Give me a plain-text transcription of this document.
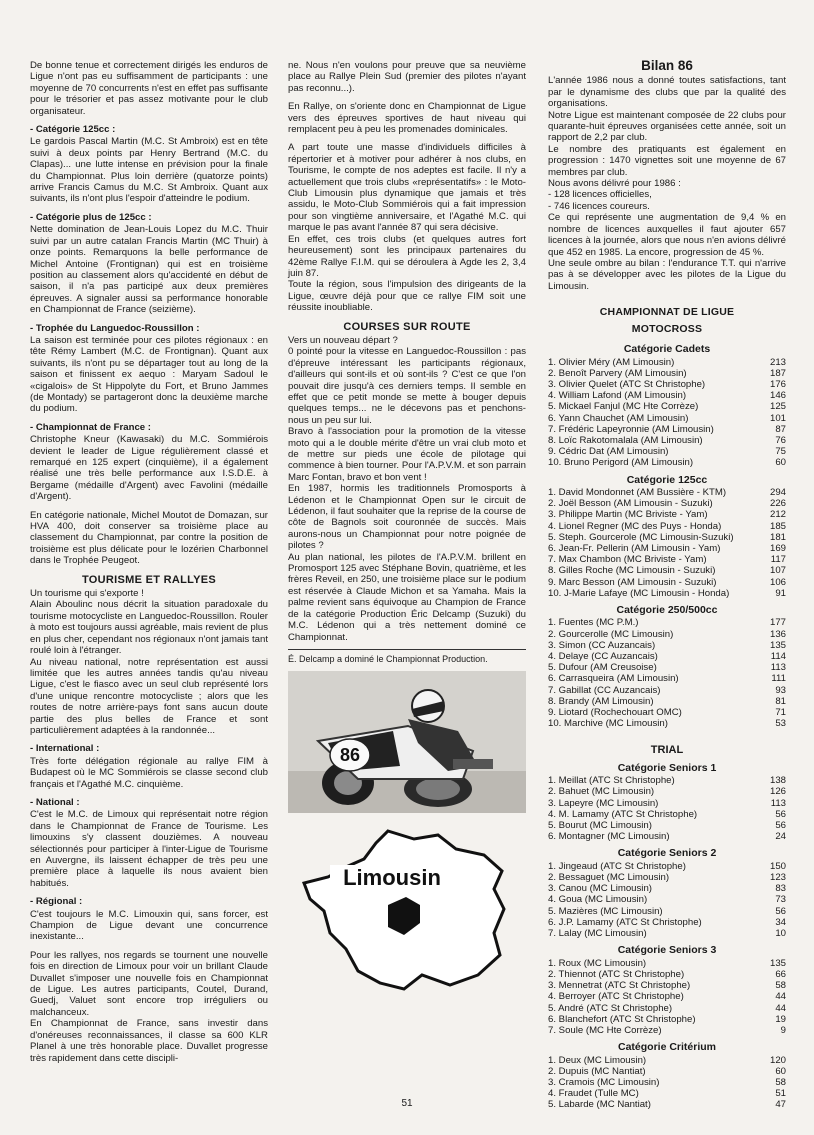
De bonne tenue et correctement dirigés les enduros de Ligue n'ont pas eu suffisamment de participants : une moyenne de 70 concurrents n'est en effet pas suffisante pour le trésorier et pas assez motivante pour le club organisateur.

- Catégorie 125cc :

Le gardois Pascal Martin (M.C. St Ambroix) est en tête suivi à deux points par Henry Bertrand (M.C. du Clapas)... une lutte intense en prévision pour la finale du Championnat. Plus loin derrière (quatorze points) arrive Francis Camus du M.C. St Ambroix. Quant aux suivants, ils n'ont plus l'espoir d'atteindre le podium.

- Catégorie plus de 125cc :

Nette domination de Jean-Louis Lopez du M.C. Thuir suivi par un autre catalan Francis Martin (MC Thuir) à onze points. Remarquons la belle performance de Michel Antoine (Frontignan) qui est en troisième position au classement alors qu'accidenté en début de saison, il n'a pas participé aux deux premières épreuves. A signaler aussi sa performance honorable en Championnat de France (seizième).

- Trophée du Languedoc-Roussillon :

La saison est terminée pour ces pilotes régionaux : en tête Rémy Lambert (M.C. de Frontignan). Quant aux suivants, ils n'ont pu se départager tout au long de la saison et finissent ex aequo : Maryam Sadoul le «cigalois» de St Hippolyte du Fort, et Bruno Jammes (de Montady) se partageront donc la deuxième marche du podium.

- Championnat de France :

Christophe Kneur (Kawasaki) du M.C. Sommiérois devient le leader de Ligue régulièrement classé et remarqué en 125 expert (cinquième), il a également réalisé une très belle performance aux I.S.D.E. à Bergame (médaille d'Argent) avec Favolini (médaille d'Argent).

En catégorie nationale, Michel Moutot de Domazan, sur HVA 400, doit conserver sa troisième place au classement du Championnat, par contre la position de troisième est plus délicate pour le lozérien Charbonnel dans le Trophée Peugeot.

TOURISME ET RALLYES

Un tourisme qui s'exporte !

Alain Aboulinc nous décrit la situation paradoxale du tourisme motocycliste en Languedoc-Roussillon. Rouler à moto est toujours aussi agréable, mais revient de plus en plus cher, cependant nos régionaux n'ont jamais tant roulé loin à l'étranger.

Au niveau national, notre représentation est aussi limitée que les autres années tandis qu'au niveau Ligue, c'est le fiasco avec un seul club représenté lors d'une unique rencontre motocycliste ; alors que les routes de notre arrière-pays font sans aucun doute partie des plus belles de France et sont particulièrement adaptées à la randonnée...

- International :

Très forte délégation régionale au rallye FIM à Budapest où le MC Sommiérois se classe second club français et l'Agathé M.C. cinquième.

- National :

C'est le M.C. de Limoux qui représentait notre région dans le Championnat de France de Tourisme. Les limouxins s'y classent douzièmes. A nouveau sélectionnés pour participer à l'inter-Ligue de Tourisme en Auvergne, ils laissent échapper de très peu une première place à laquelle ils nous avaient bien habitués.

- Régional :

C'est toujours le M.C. Limouxin qui, sans forcer, est Champion de Ligue devant une concurrence inexistante...

Pour les rallyes, nos regards se tournent une nouvelle fois en direction de Limoux pour voir un brillant Claude Duvallet s'imposer une nouvelle fois en Championnat de Ligue. Les autres participants, Coutel, Durand, Guedj, Valuet sont encore trop irréguliers ou malchanceux.

En Championnat de France, sans investir dans d'onéreuses reconnaissances, il classe sa 600 KLR Planel à une très honorable place. Duvallet progresse très rapidement dans cette discipli-

ne. Nous n'en voulons pour preuve que sa neuvième place au Rallye Plein Sud (premier des pilotes n'ayant pas reconnu...).

En Rallye, on s'oriente donc en Championnat de Ligue vers des épreuves sportives de haut niveau qui remplacent peu à peu les promenades dominicales.

A part toute une masse d'individuels difficiles à répertorier et à motiver pour adhérer à nos clubs, en Tourisme, le compte de nos adeptes est facile. Il n'y a actuellement que trois clubs «représentatifs» : le Moto-Club Limousin plus dynamique que jamais et très assidu, le Moto-Club Sommiérois qui a fait impression pour son vingtième anniversaire, et l'Agathé M.C. qui marque le pas avant l'année 87 qui sera décisive.

En effet, ces trois clubs (et quelques autres fort heureusement) sont les principaux partenaires du 42ème Rallye F.I.M. qui se déroulera à Agde les 2, 3,4 juin 87.

Toute la région, sous l'impulsion des dirigeants de la Ligue, œuvre déjà pour que ce rallye FIM soit une réussite inoubliable.

COURSES SUR ROUTE

Vers un nouveau départ ?

0 pointé pour la vitesse en Languedoc-Roussillon : pas d'épreuve intéressant les participants régionaux, d'ailleurs qui sont-ils et où sont-ils ? C'est ce que l'on pouvait dire jusqu'à ces derniers temps. Il semble en effet que ce petit monde se mette à bouger depuis quelques temps... ne le décevons pas et penchons-nous un peu sur lui.

Bravo à l'association pour la promotion de la vitesse moto qui a le double mérite d'être un vrai club moto et de mettre sur pieds une école de pilotage qui commence à bien tourner. Pour l'A.P.V.M. et son parrain Marc Fontan, bravo et bon vent !

En 1987, hormis les traditionnels Promosports à Lédenon et le Championnat Open sur le circuit de Lédenon, il faut souhaiter que la reprise de la course de côte de Bagnols soit couronnée de succès. Mais aurons-nous un Championnat pour notre poignée de pilotes ?

Au plan national, les pilotes de l'A.P.V.M. brillent en Promosport 125 avec Stéphane Bovin, quatrième, et les frères Reveil, en 250, une troisième place sur le podium est réservée à Claude Michon et sa Yamaha. Mais la palme revient sans équivoque au Champion de France de la catégorie Production Éric Delcamp (Suzuki) du M.C. Lédenon qui a très nettement dominé ce Championnat.

É. Delcamp a dominé le Championnat Production.
86
Limousin
Bilan 86

L'année 1986 nous a donné toutes satisfactions, tant par le dynamisme des clubs que par la qualité des organisations.

Notre Ligue est maintenant composée de 22 clubs pour quarante-huit épreuves organisées cette année, soit un rapport de 2,2 par club.

Le nombre des pratiquants est également en progression : 1470 vignettes soit une moyenne de 67 membres par club.

Nous avons délivré pour 1986 :

- 128 licences officielles,

- 746 licences coureurs.

Ce qui représente une augmentation de 9,4 % en nombre de licences auxquelles il faut ajouter 657 licences à la journée, alors que nous n'en avions délivré que 452 en 1985. La encore, progression de 45 %.

Une seule ombre au bilan : l'endurance T.T. qui n'arrive pas à se développer avec les pilotes de la Ligue du Limousin.

CHAMPIONNAT DE LIGUE
MOTOCROSS
Catégorie Cadets
1. Olivier Méry (AM Limousin)	213
2. Benoît Parvery (AM Limousin)	187
3. Olivier Quelet (ATC St Christophe)	176
4. William Lafond (AM Limousin)	146
5. Mickael Fanjul (MC Hte Corrèze)	125
6. Yann Chauchet (AM Limousin)	101
7. Frédéric Lapeyronnie (AM Limousin)	87
8. Loïc Rakotomalala (AM Limousin)	76
9. Cédric Dat (AM Limousin)	75
10. Bruno Perigord (AM Limousin)	60
Catégorie 125cc
1. David Mondonnet (AM Bussière - KTM)	294
2. Joël Besson (AM Limousin - Suzuki)	226
3. Philippe Martin (MC Briviste - Yam)	212
4. Lionel Regner (MC des Puys - Honda)	185
5. Steph. Gourcerole (MC Limousin-Suzuki)	181
6. Jean-Fr. Pellerin (AM Limousin - Yam)	169
7. Max Chambon (MC Briviste - Yam)	117
8. Gilles Roche (MC Limousin - Suzuki)	107
9. Marc Besson (AM Limousin - Suzuki)	106
10. J-Marie Lafaye (MC Limousin - Honda)	91
Catégorie 250/500cc
1. Fuentes (MC P.M.)	177
2. Gourcerolle (MC Limousin)	136
3. Simon (CC Auzancais)	135
4. Delaye (CC Auzancais)	114
5. Dufour (AM Creusoise)	113
6. Carrasqueira (AM Limousin)	111
7. Gabillat (CC Auzancais)	93
8. Brandy (AM Limousin)	81
9. Liotard (Rochechouart OMC)	71
10. Marchive (MC Limousin)	53
TRIAL
Catégorie Seniors 1
1. Meillat (ATC St Christophe)	138
2. Bahuet (MC Limousin)	126
3. Lapeyre (MC Limousin)	113
4. M. Lamamy (ATC St Christophe)	56
5. Bourut (MC Limousin)	56
6. Montagner (MC Limousin)	24
Catégorie Seniors 2
1. Jingeaud (ATC St Christophe)	150
2. Bessaguet (MC Limousin)	123
3. Canou (MC Limousin)	83
4. Goua (MC Limousin)	73
5. Mazières (MC Limousin)	56
6. J.P. Lamamy (ATC St Christophe)	34
7. Lalay (MC Limousin)	10
Catégorie Seniors 3
1. Roux (MC Limousin)	135
2. Thiennot (ATC St Christophe)	66
3. Mennetrat (ATC St Christophe)	58
4. Berroyer (ATC St Christophe)	44
5. André (ATC St Christophe)	44
6. Blanchefort (ATC St Christophe)	19
7. Soule (MC Hte Corrèze)	9
Catégorie Critérium
1. Deux (MC Limousin)	120
2. Dupuis (MC Nantiat)	60
3. Cramois (MC Limousin)	58
4. Fraudet (Tulle MC)	51
5. Labarde (MC Nantiat)	47
51
